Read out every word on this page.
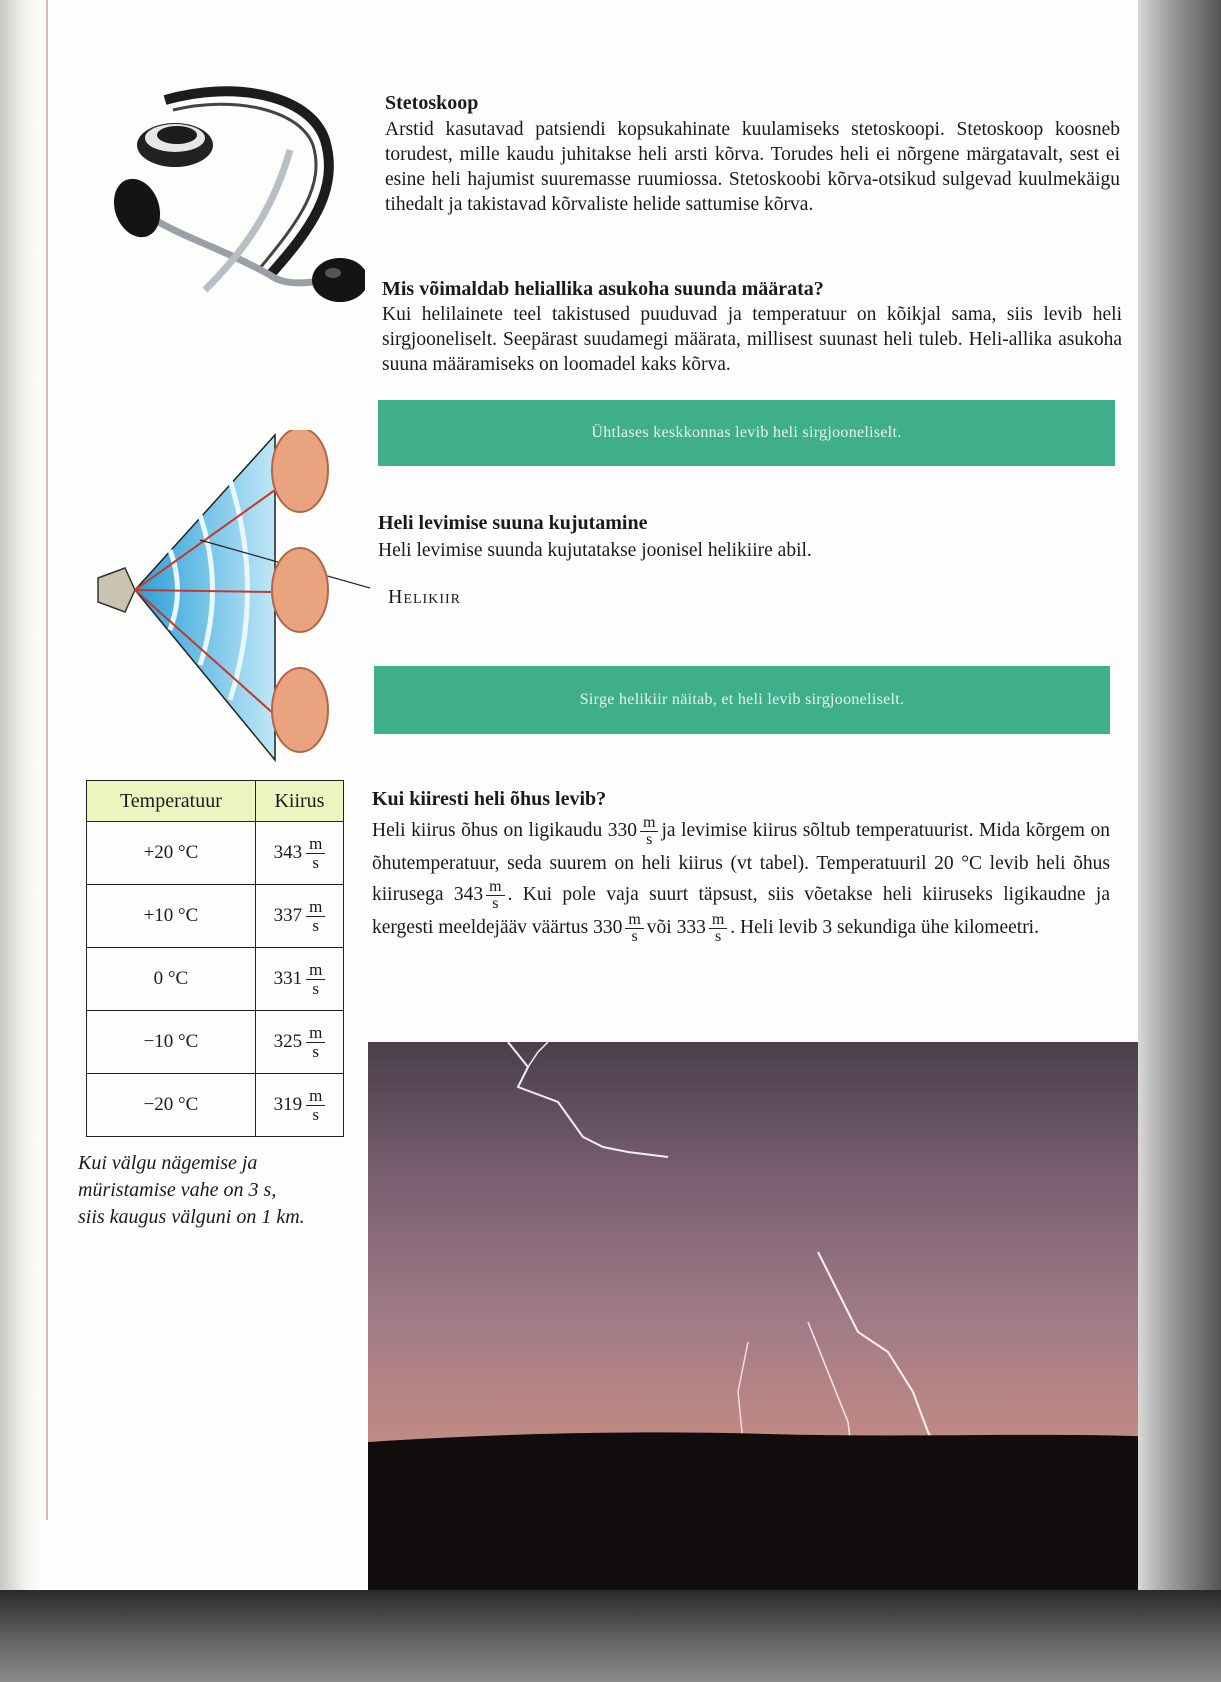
Stetoskoop
Arstid kasutavad patsiendi kopsukahinate kuulamiseks stetoskoopi. Stetoskoop koosneb torudest, mille kaudu juhitakse heli arsti kõrva. Torudes heli ei nõrgene märgatavalt, sest ei esine heli hajumist suuremasse ruumiossa. Stetoskoobi kõrva-otsikud sulgevad kuulmekäigu tihedalt ja takistavad kõrvaliste helide sattumise kõrva.
Mis võimaldab heliallika asukoha suunda määrata?
Kui helilainete teel takistused puuduvad ja temperatuur on kõikjal sama, siis levib heli sirgjooneliselt. Seepärast suudamegi määrata, millisest suunast heli tuleb. Heli-allika asukoha suuna määramiseks on loomadel kaks kõrva.
Ühtlases keskkonnas levib heli sirgjooneliselt.
Heli levimise suuna kujutamine
Heli levimise suunda kujutatakse joonisel helikiire abil.
Helikiir
Sirge helikiir näitab, et heli levib sirgjooneliselt.
Temperatuur	Kiirus
+20 °C	$343 \frac{m}{s}$

+10 °C	$337 \frac{m}{s}$

0 °C	$331 \frac{m}{s}$

−10 °C	$325 \frac{m}{s}$

−20 °C	$319 \frac{m}{s}$
Kui välgu nägemise ja
müristamise vahe on 3 s,
siis kaugus välguni on 1 km.
Kui kiiresti heli õhus levib?
Heli kiirus õhus on ligikaudu $330 \frac{m}{s}$ ja levimise kiirus sõltub temperatuurist. Mida kõrgem on õhutemperatuur, seda suurem on heli kiirus (vt tabel). Temperatuuril 20 °C levib heli õhus kiirusega $343 \frac{m}{s}$ . Kui pole vaja suurt täpsust, siis võetakse heli kiiruseks ligikaudne ja kergesti meeldejääv väärtus $330 \frac{m}{s}$ või $333 \frac{m}{s}$ . Heli levib 3 sekundiga ühe kilomeetri.
